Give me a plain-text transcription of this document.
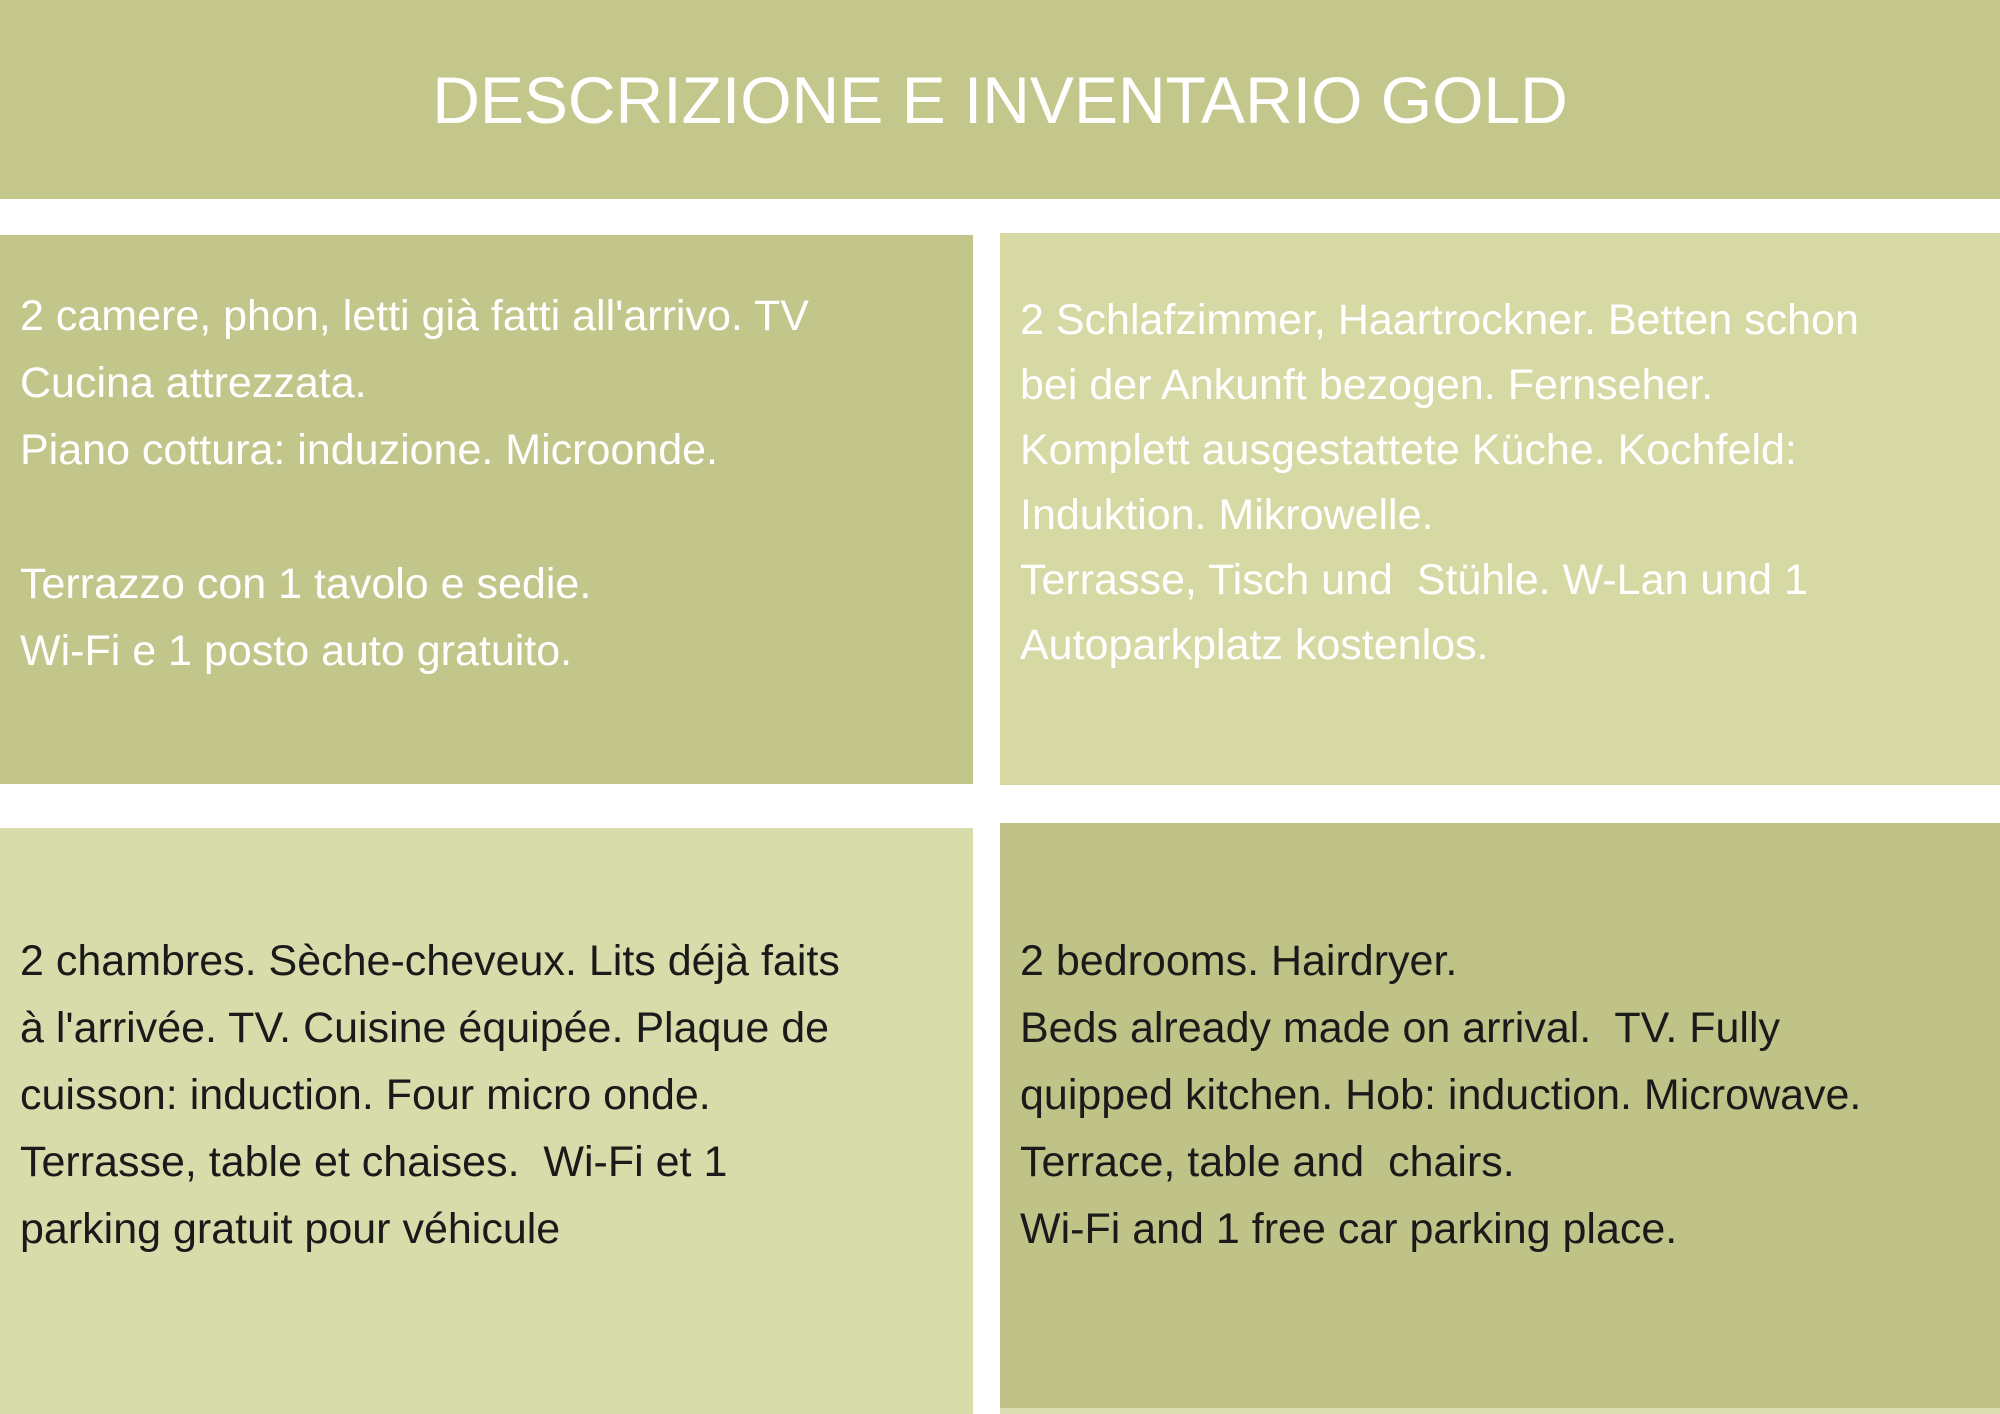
DESCRIZIONE E INVENTARIO GOLD
2 camere, phon, letti già fatti all'arrivo. TV
Cucina attrezzata.
Piano cottura: induzione. Microonde.

Terrazzo con 1 tavolo e sedie.
Wi-Fi e 1 posto auto gratuito.
2 Schlafzimmer, Haartrockner. Betten schon
bei der Ankunft bezogen. Fernseher.
Komplett ausgestattete Küche. Kochfeld:
Induktion. Mikrowelle.
Terrasse, Tisch und  Stühle. W-Lan und 1
Autoparkplatz kostenlos.
2 chambres. Sèche-cheveux. Lits déjà faits
à l'arrivée. TV. Cuisine équipée. Plaque de
cuisson: induction. Four micro onde.
Terrasse, table et chaises.  Wi-Fi et 1
parking gratuit pour véhicule
2 bedrooms. Hairdryer.
Beds already made on arrival.  TV. Fully
quipped kitchen. Hob: induction. Microwave.
Terrace, table and  chairs.
Wi-Fi and 1 free car parking place.
